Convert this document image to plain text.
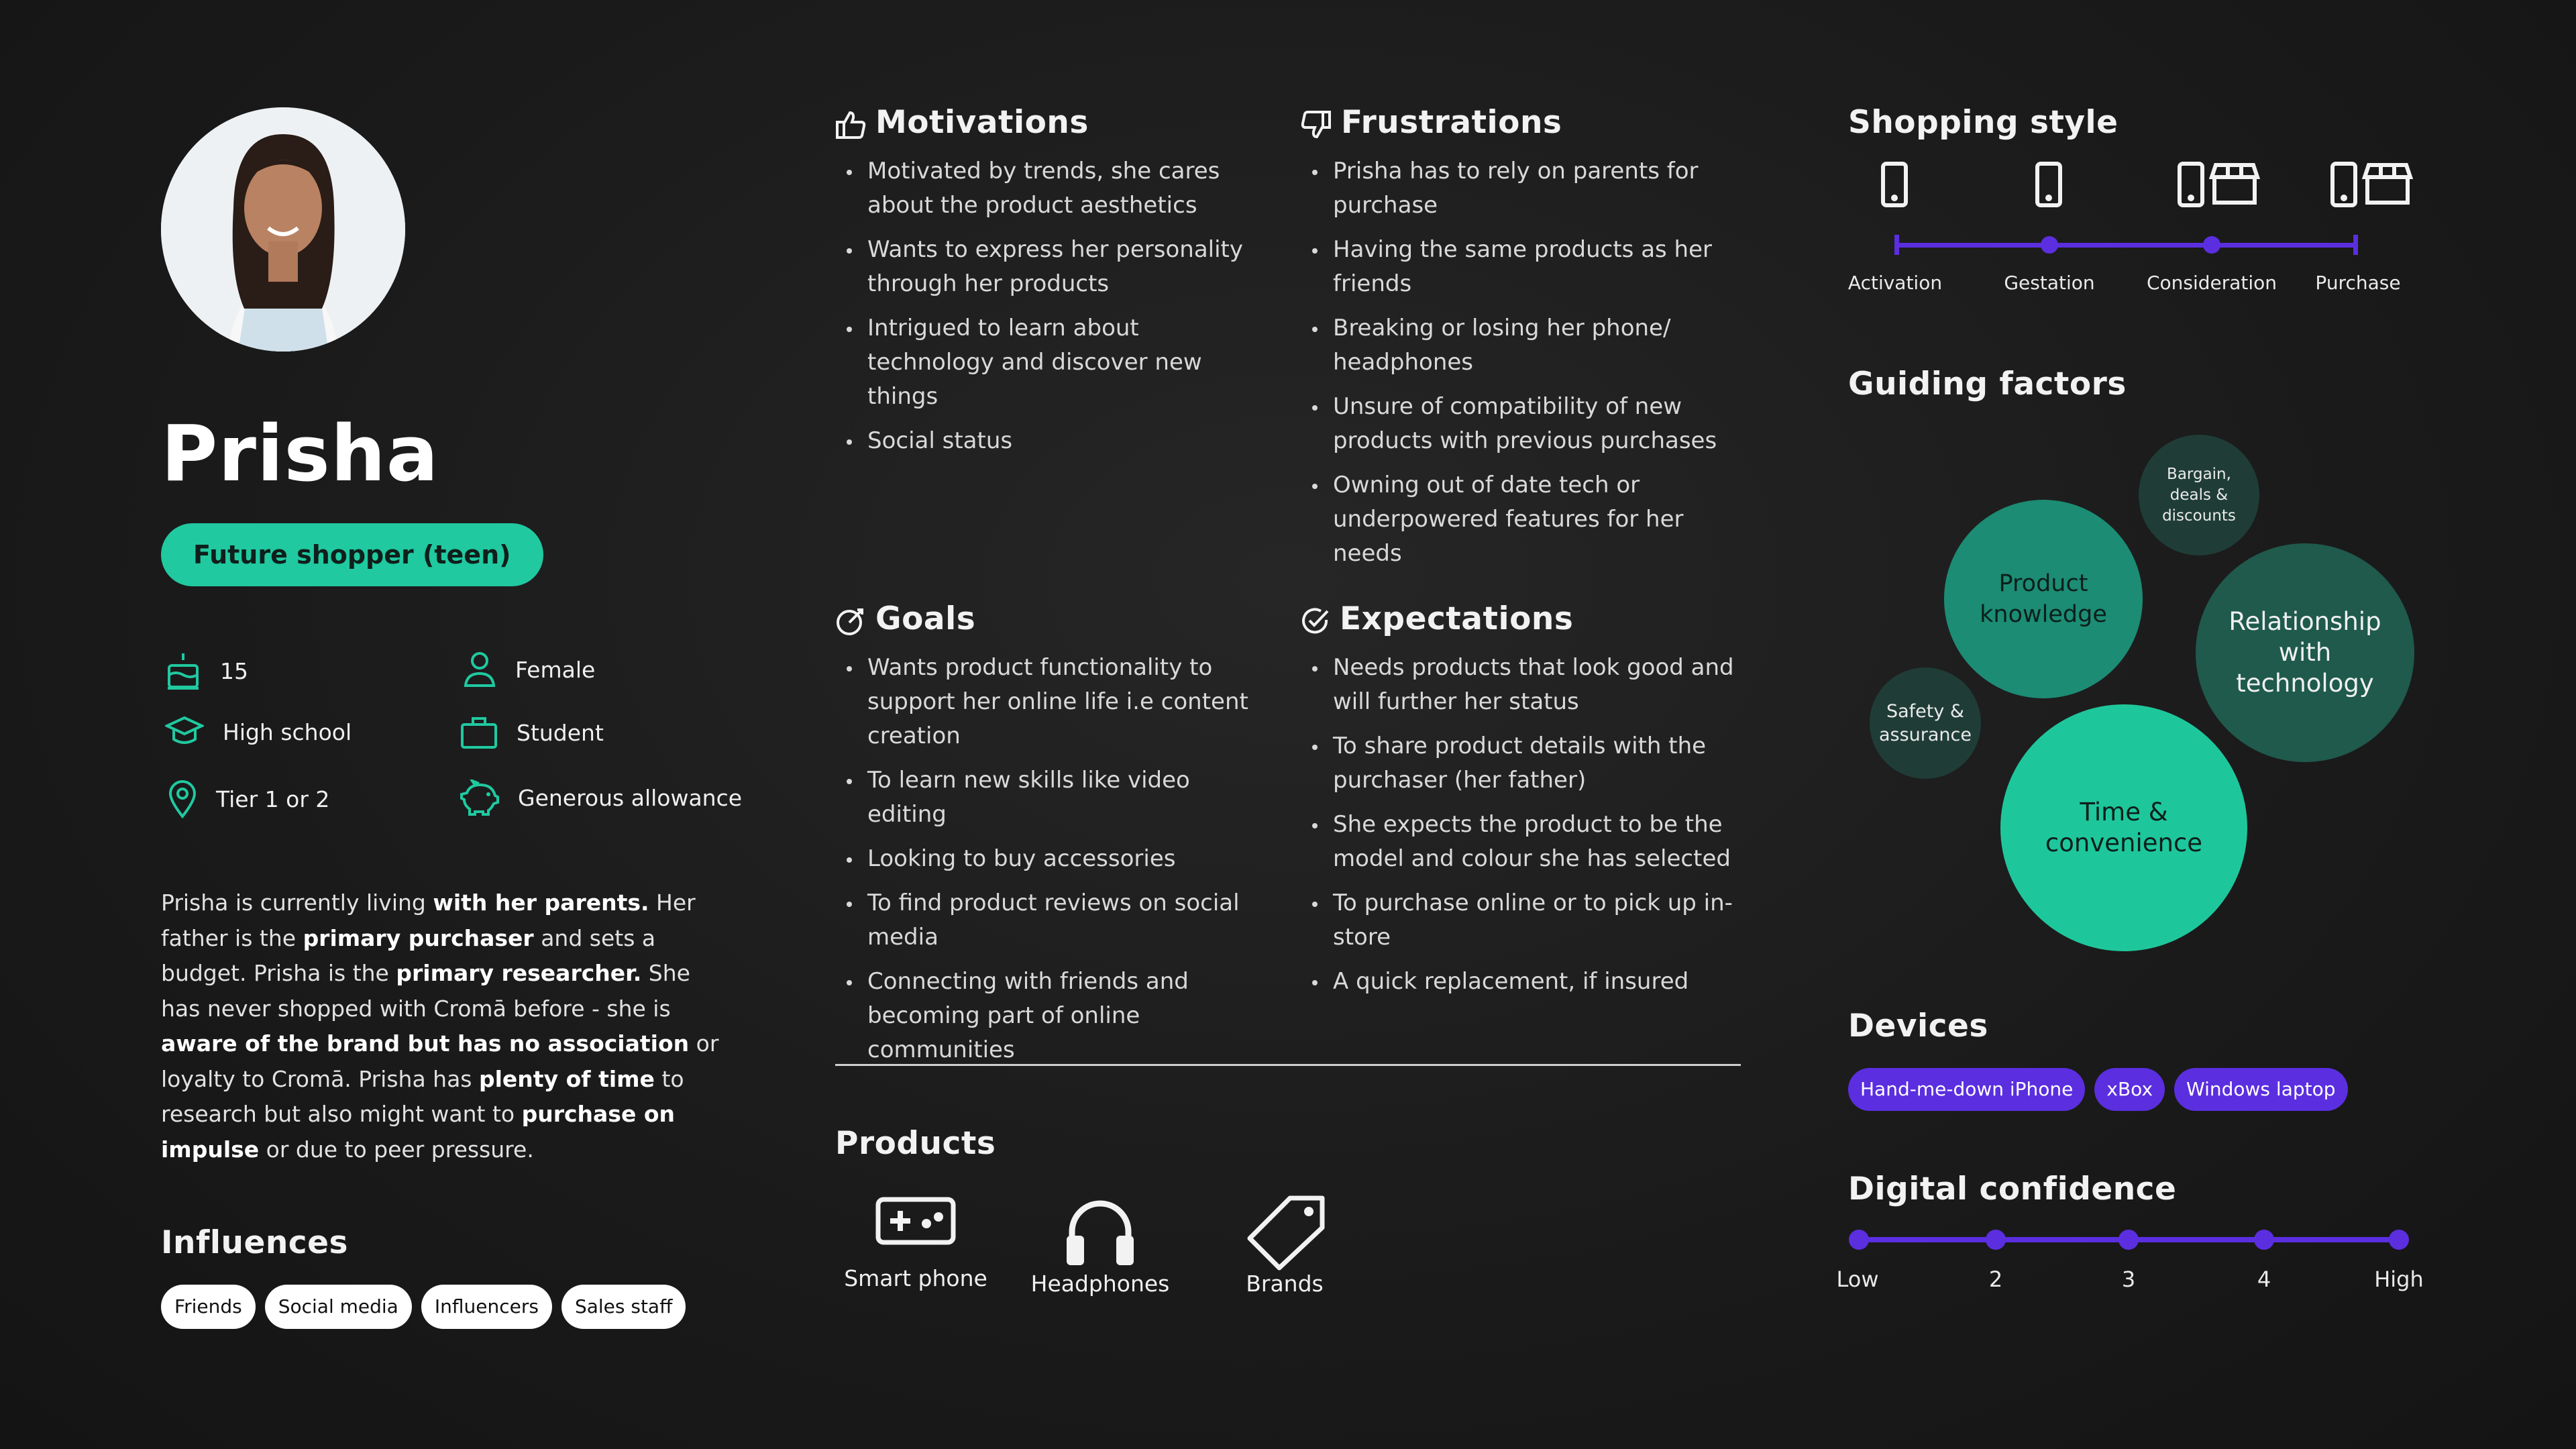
Prisha
Future shopper (teen)
15	Female
High school	Student
Tier 1 or 2	Generous allowance
Prisha is currently living with her parents. Her father is the primary purchaser and sets a budget. Prisha is the primary researcher. She has never shopped with Cromā before - she is aware of the brand but has no association or loyalty to Cromā. Prisha has plenty of time to research but also might want to purchase on impulse or due to peer pressure.
Influences
Friends Social media Influencers Sales staff
Motivations
Motivated by trends, she cares about the product aesthetics
Wants to express her personality through her products
Intrigued to learn about technology and discover new things
Social status
Frustrations
Prisha has to rely on parents for purchase
Having the same products as her friends
Breaking or losing her phone/ headphones
Unsure of compatibility of new products with previous purchases
Owning out of date tech or underpowered features for her needs
Goals
Wants product functionality to support her online life i.e content creation
To learn new skills like video editing
Looking to buy accessories
To find product reviews on social media
Connecting with friends and becoming part of online communities
Expectations
Needs products that look good and will further her status
To share product details with the purchaser (her father)
She expects the product to be the model and colour she has selected
To purchase online or to pick up in-store
A quick replacement, if insured
Products
Smart phone	Headphones	Brands
Shopping style
Activation	Gestation	Consideration	Purchase
Guiding factors
Bargain, deals & discounts
Product knowledge	Relationship with technology
Safety & assurance
Time & convenience
Devices
Hand-me-down iPhone xBox Windows laptop
Digital confidence
Low	2	3	4	High
